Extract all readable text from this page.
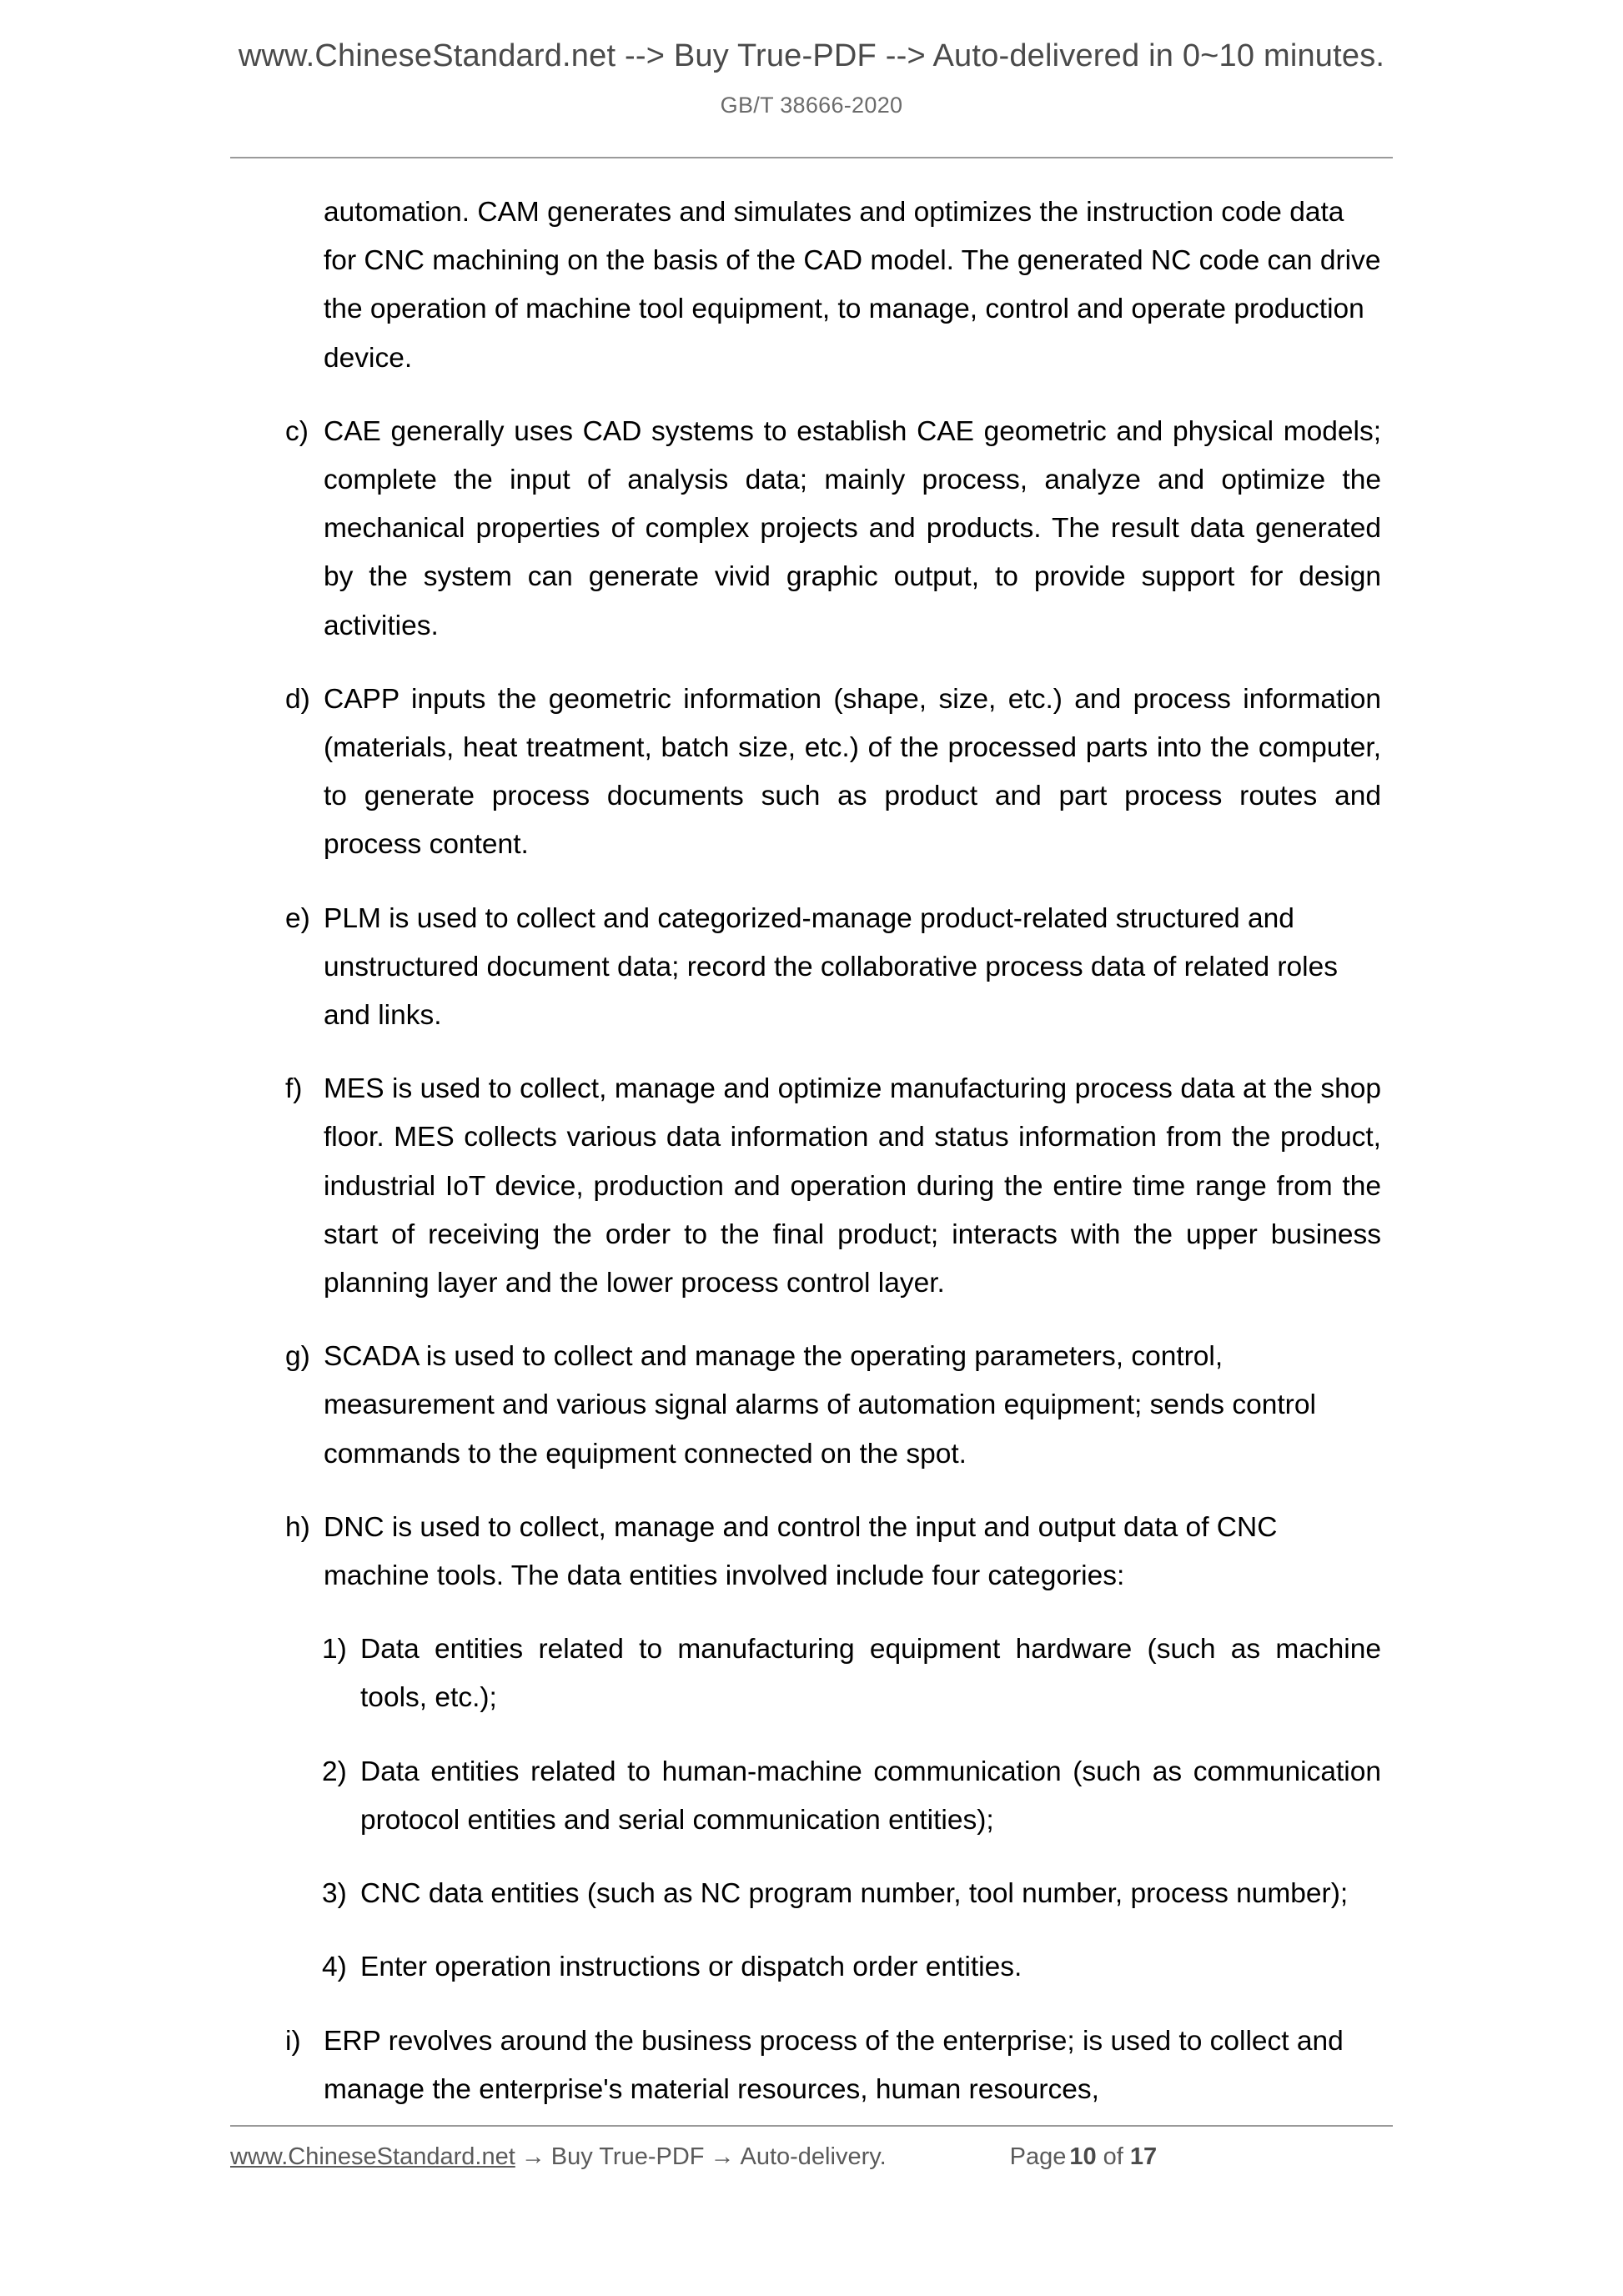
www.ChineseStandard.net --> Buy True-PDF --> Auto-delivered in 0~10 minutes.
GB/T 38666-2020
automation. CAM generates and simulates and optimizes the instruction code data for CNC machining on the basis of the CAD model. The generated NC code can drive the operation of machine tool equipment, to manage, control and operate production device.
c) CAE generally uses CAD systems to establish CAE geometric and physical models; complete the input of analysis data; mainly process, analyze and optimize the mechanical properties of complex projects and products. The result data generated by the system can generate vivid graphic output, to provide support for design activities.
d) CAPP inputs the geometric information (shape, size, etc.) and process information (materials, heat treatment, batch size, etc.) of the processed parts into the computer, to generate process documents such as product and part process routes and process content.
e) PLM is used to collect and categorized-manage product-related structured and unstructured document data; record the collaborative process data of related roles and links.
f) MES is used to collect, manage and optimize manufacturing process data at the shop floor. MES collects various data information and status information from the product, industrial IoT device, production and operation during the entire time range from the start of receiving the order to the final product; interacts with the upper business planning layer and the lower process control layer.
g) SCADA is used to collect and manage the operating parameters, control, measurement and various signal alarms of automation equipment; sends control commands to the equipment connected on the spot.
h) DNC is used to collect, manage and control the input and output data of CNC machine tools. The data entities involved include four categories:
1) Data entities related to manufacturing equipment hardware (such as machine tools, etc.);
2) Data entities related to human-machine communication (such as communication protocol entities and serial communication entities);
3) CNC data entities (such as NC program number, tool number, process number);
4) Enter operation instructions or dispatch order entities.
i) ERP revolves around the business process of the enterprise; is used to collect and manage the enterprise's material resources, human resources,
www.ChineseStandard.net → Buy True-PDF → Auto-delivery.	Page 10 of 17
